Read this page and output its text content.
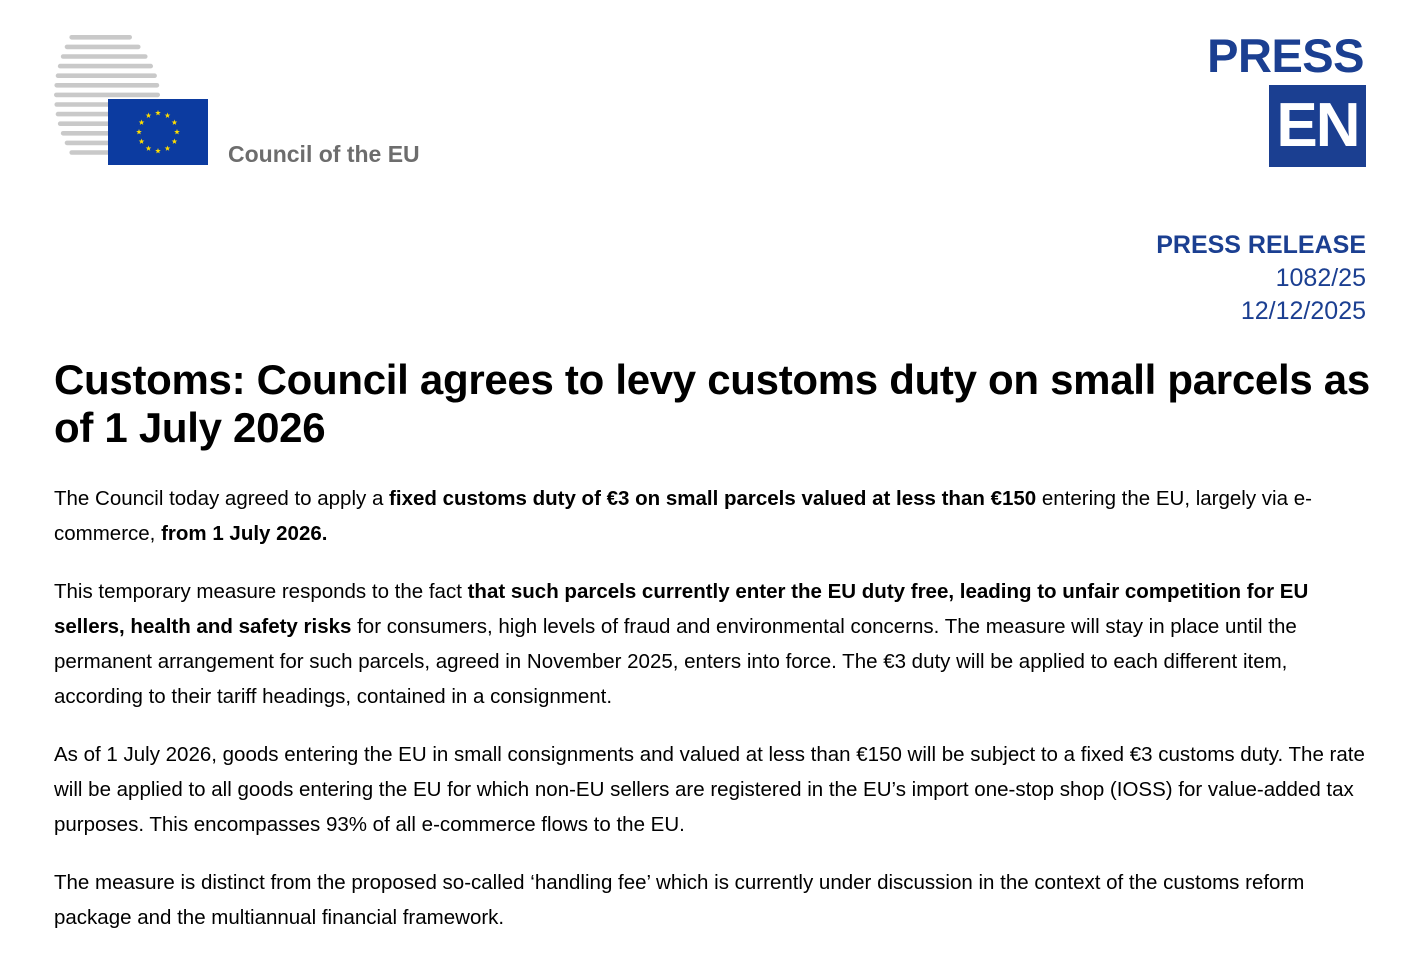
Council of the EU
PRESS
EN
PRESS RELEASE
1082/25
12/12/2025
Customs: Council agrees to levy customs duty on small parcels as of 1 July 2026

The Council today agreed to apply a fixed customs duty of €3 on small parcels valued at less than €150 entering the EU, largely via e-commerce, from 1 July 2026.

This temporary measure responds to the fact that such parcels currently enter the EU duty free, leading to unfair competition for EU sellers, health and safety risks for consumers, high levels of fraud and environmental concerns. The measure will stay in place until the permanent arrangement for such parcels, agreed in November 2025, enters into force. The €3 duty will be applied to each different item, according to their tariff headings, contained in a consignment.

As of 1 July 2026, goods entering the EU in small consignments and valued at less than €150 will be subject to a fixed €3 customs duty. The rate will be applied to all goods entering the EU for which non-EU sellers are registered in the EU’s import one-stop shop (IOSS) for value-added tax purposes. This encompasses 93% of all e-commerce flows to the EU.

The measure is distinct from the proposed so-called ‘handling fee’ which is currently under discussion in the context of the customs reform package and the multiannual financial framework.
